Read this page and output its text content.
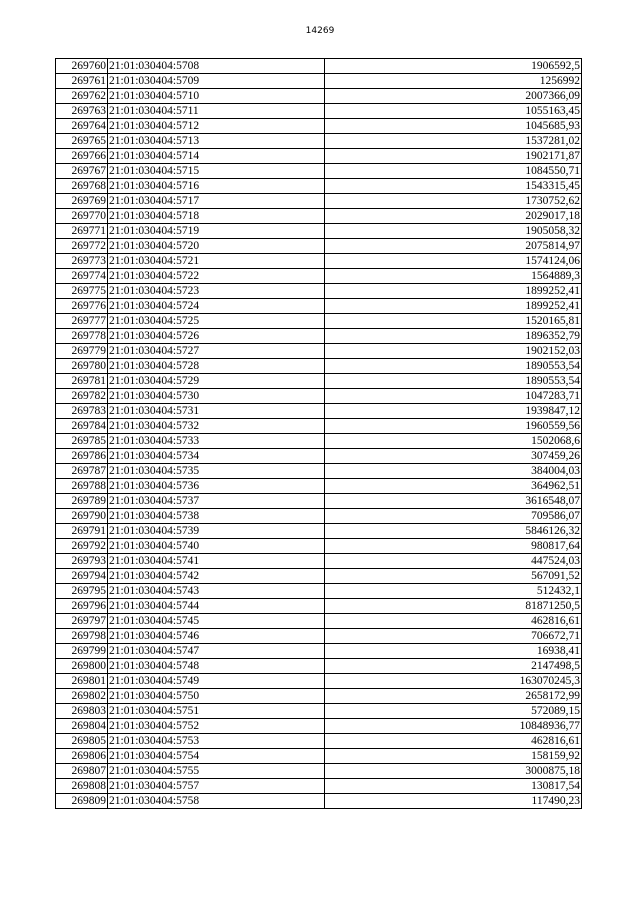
14269
269760	21:01:030404:5708	1906592,5
269761	21:01:030404:5709	1256992
269762	21:01:030404:5710	2007366,09
269763	21:01:030404:5711	1055163,45
269764	21:01:030404:5712	1045685,93
269765	21:01:030404:5713	1537281,02
269766	21:01:030404:5714	1902171,87
269767	21:01:030404:5715	1084550,71
269768	21:01:030404:5716	1543315,45
269769	21:01:030404:5717	1730752,62
269770	21:01:030404:5718	2029017,18
269771	21:01:030404:5719	1905058,32
269772	21:01:030404:5720	2075814,97
269773	21:01:030404:5721	1574124,06
269774	21:01:030404:5722	1564889,3
269775	21:01:030404:5723	1899252,41
269776	21:01:030404:5724	1899252,41
269777	21:01:030404:5725	1520165,81
269778	21:01:030404:5726	1896352,79
269779	21:01:030404:5727	1902152,03
269780	21:01:030404:5728	1890553,54
269781	21:01:030404:5729	1890553,54
269782	21:01:030404:5730	1047283,71
269783	21:01:030404:5731	1939847,12
269784	21:01:030404:5732	1960559,56
269785	21:01:030404:5733	1502068,6
269786	21:01:030404:5734	307459,26
269787	21:01:030404:5735	384004,03
269788	21:01:030404:5736	364962,51
269789	21:01:030404:5737	3616548,07
269790	21:01:030404:5738	709586,07
269791	21:01:030404:5739	5846126,32
269792	21:01:030404:5740	980817,64
269793	21:01:030404:5741	447524,03
269794	21:01:030404:5742	567091,52
269795	21:01:030404:5743	512432,1
269796	21:01:030404:5744	81871250,5
269797	21:01:030404:5745	462816,61
269798	21:01:030404:5746	706672,71
269799	21:01:030404:5747	16938,41
269800	21:01:030404:5748	2147498,5
269801	21:01:030404:5749	163070245,3
269802	21:01:030404:5750	2658172,99
269803	21:01:030404:5751	572089,15
269804	21:01:030404:5752	10848936,77
269805	21:01:030404:5753	462816,61
269806	21:01:030404:5754	158159,92
269807	21:01:030404:5755	3000875,18
269808	21:01:030404:5757	130817,54
269809	21:01:030404:5758	117490,23
